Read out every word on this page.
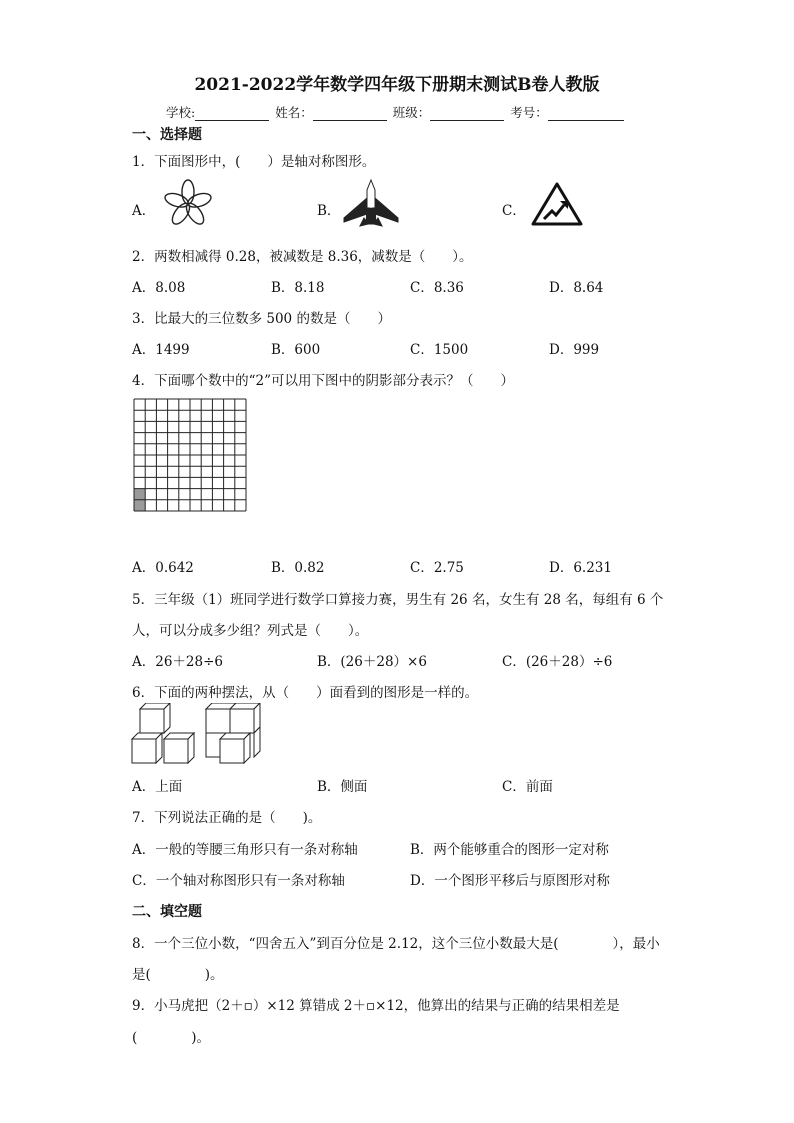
2021-2022学年数学四年级下册期末测试B卷人教版
学校:	姓名：	班级：	考号：
一、选择题
1．下面图形中，(　　）是轴对称图形。
A．	B．	C．
2．两数相减得 0.28，被减数是 8.36，减数是（　　）。
A．8.08	B．8.18	C．8.36	D．8.64
3．比最大的三位数多 500 的数是（　　）
A．1499	B．600	C．1500	D．999
4．下面哪个数中的“2”可以用下图中的阴影部分表示？（　　）
A．0.642	B．0.82	C．2.75	D．6.231
5．三年级（1）班同学进行数学口算接力赛，男生有 26 名，女生有 28 名，每组有 6 个
人，可以分成多少组？列式是（　　）。
A．26＋28÷6	B．(26＋28）×6	C．(26＋28）÷6
6．下面的两种摆法，从（　　）面看到的图形是一样的。
A．上面	B．侧面	C．前面
7．下列说法正确的是（　　)。
A．一般的等腰三角形只有一条对称轴	B．两个能够重合的图形一定对称
C．一个轴对称图形只有一条对称轴	D．一个图形平移后与原图形对称
二、填空题
8．一个三位小数，“四舍五入”到百分位是 2.12，这个三位小数最大是(　　　　），最小
是(　　　　)。
9．小马虎把（2＋▫）×12 算错成 2＋▫×12，他算出的结果与正确的结果相差是
(　　　　)。
